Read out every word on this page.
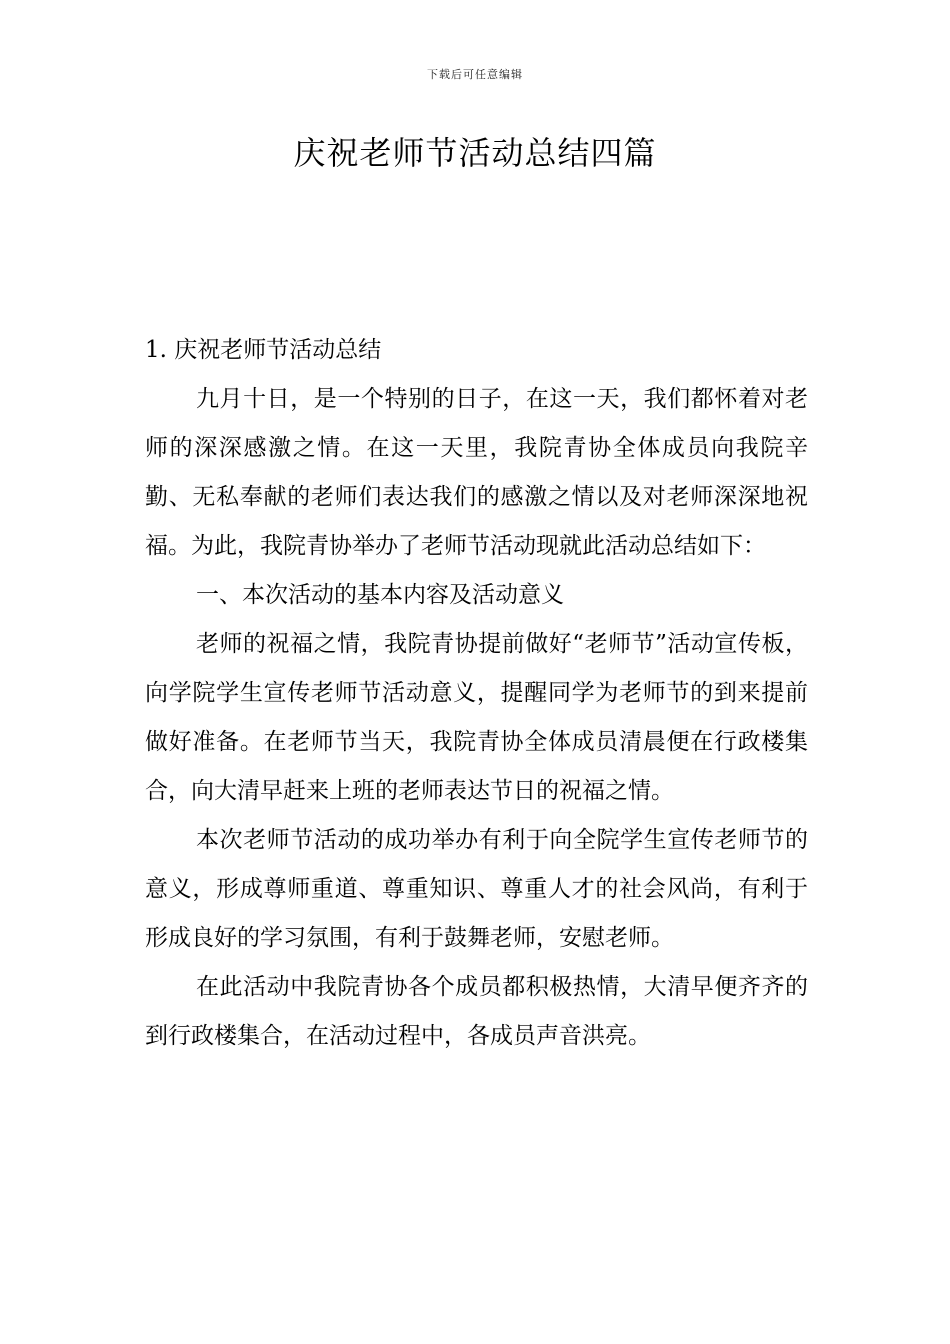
下载后可任意编辑
庆祝老师节活动总结四篇

1. 庆祝老师节活动总结

九月十日，是一个特别的日子，在这一天，我们都怀着对老师的深深感激之情。在这一天里，我院青协全体成员向我院辛勤、无私奉献的老师们表达我们的感激之情以及对老师深深地祝福。为此，我院青协举办了老师节活动现就此活动总结如下：

一、本次活动的基本内容及活动意义

老师的祝福之情，我院青协提前做好“老师节”活动宣传板，向学院学生宣传老师节活动意义，提醒同学为老师节的到来提前做好准备。在老师节当天，我院青协全体成员清晨便在行政楼集合，向大清早赶来上班的老师表达节日的祝福之情。

本次老师节活动的成功举办有利于向全院学生宣传老师节的意义，形成尊师重道、尊重知识、尊重人才的社会风尚，有利于形成良好的学习氛围，有利于鼓舞老师，安慰老师。

在此活动中我院青协各个成员都积极热情，大清早便齐齐的到行政楼集合，在活动过程中，各成员声音洪亮。
